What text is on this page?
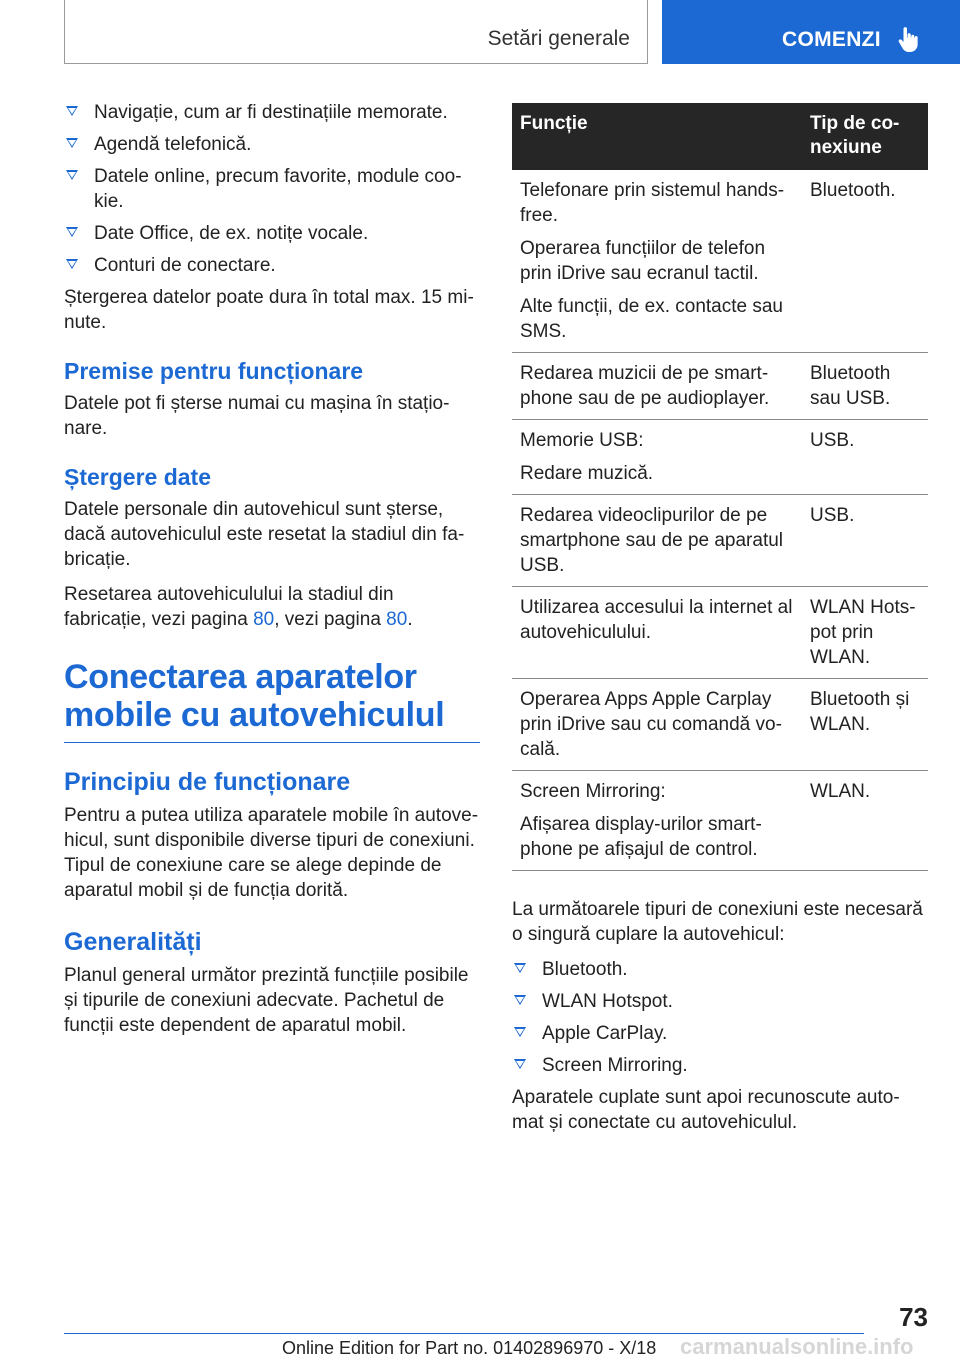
Setări generale	COMENZI
Navigație, cum ar fi destinațiile memorate.
Agendă telefonică.
Datele online, precum favorite, module coo-kie.
Date Office, de ex. notițe vocale.
Conturi de conectare.

Ștergerea datelor poate dura în total max. 15 mi-nute.

Premise pentru funcționare

Datele pot fi șterse numai cu mașina în stațio-nare.

Ștergere date

Datele personale din autovehicul sunt șterse, dacă autovehiculul este resetat la stadiul din fa-bricație.

Resetarea autovehiculului la stadiul din fabricație, vezi pagina 80, vezi pagina 80.

Conectarea aparatelor mobile cu autovehiculul
Principiu de funcționare

Pentru a putea utiliza aparatele mobile în autove-hicul, sunt disponibile diverse tipuri de conexiuni. Tipul de conexiune care se alege depinde de aparatul mobil și de funcția dorită.

Generalități

Planul general următor prezintă funcțiile posibile și tipurile de conexiuni adecvate. Pachetul de funcții este dependent de aparatul mobil.

Funcție	Tip de co-nexiune

Telefonare prin sistemul hands-free.
Operarea funcțiilor de telefon prin iDrive sau ecranul tactil.
Alte funcții, de ex. contacte sau SMS.	Bluetooth.

Redarea muzicii de pe smart-phone sau de pe audioplayer.	Bluetooth sau USB.

Memorie USB:
Redare muzică.	USB.

Redarea videoclipurilor de pe smartphone sau de pe aparatul USB.	USB.

Utilizarea accesului la internet al autovehiculului.	WLAN Hots-pot prin WLAN.

Operarea Apps Apple Carplay prin iDrive sau cu comandă vo-cală.	Bluetooth și WLAN.

Screen Mirroring:
Afișarea display-urilor smart-phone pe afișajul de control.	WLAN.

La următoarele tipuri de conexiuni este necesară o singură cuplare la autovehicul:

Bluetooth.
WLAN Hotspot.
Apple CarPlay.
Screen Mirroring.

Aparatele cuplate sunt apoi recunoscute auto-mat și conectate cu autovehiculul.

73
Online Edition for Part no. 01402896970 - X/18 carmanualsonline.info
